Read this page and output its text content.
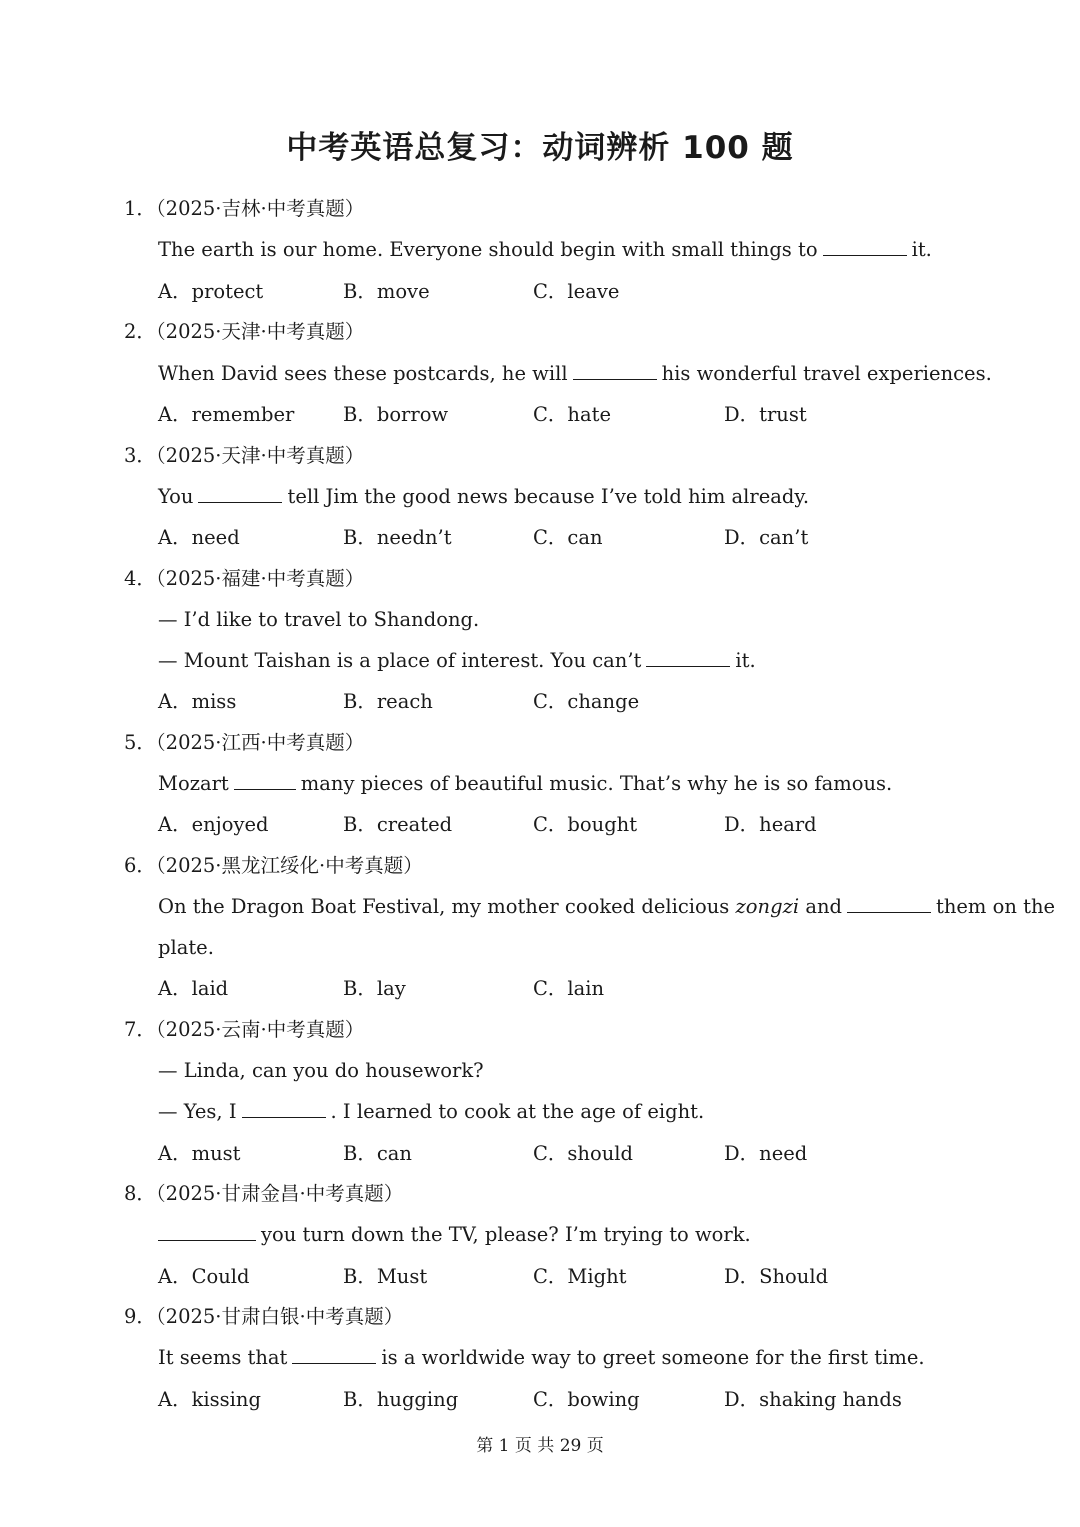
中考英语总复习：动词辨析 100 题
1．（2025·吉林·中考真题）
The earth is our home. Everyone should begin with small things to	it.
A．protect	B．move	C．leave
2．（2025·天津·中考真题）
When David sees these postcards, he will	his wonderful travel experiences.
A．remember B．borrow	C．hate	D．trust
3．（2025·天津·中考真题）
You	tell Jim the good news because I’ve told him already.
A．need	B．needn’t	C．can	D．can’t
4．（2025·福建·中考真题）
— I’d like to travel to Shandong.
— Mount Taishan is a place of interest. You can’t	it.
A．miss	B．reach	C．change
5．（2025·江西·中考真题）
Mozart	many pieces of beautiful music. That’s why he is so famous.
A．enjoyed	B．created	C．bought	D．heard
6．（2025·黑龙江绥化·中考真题）
On the Dragon Boat Festival, my mother cooked delicious zongzi and	them on the
plate.
A．laid	B．lay	C．lain
7．（2025·云南·中考真题）
— Linda, can you do housework?
— Yes, I	. I learned to cook at the age of eight.
A．must	B．can	C．should	D．need
8．（2025·甘肃金昌·中考真题）
you turn down the TV, please? I’m trying to work.
A．Could	B．Must	C．Might	D．Should
9．（2025·甘肃白银·中考真题）
It seems that	is a worldwide way to greet someone for the first time.
A．kissing	B．hugging	C．bowing	D．shaking hands
第 1 页 共 29 页
